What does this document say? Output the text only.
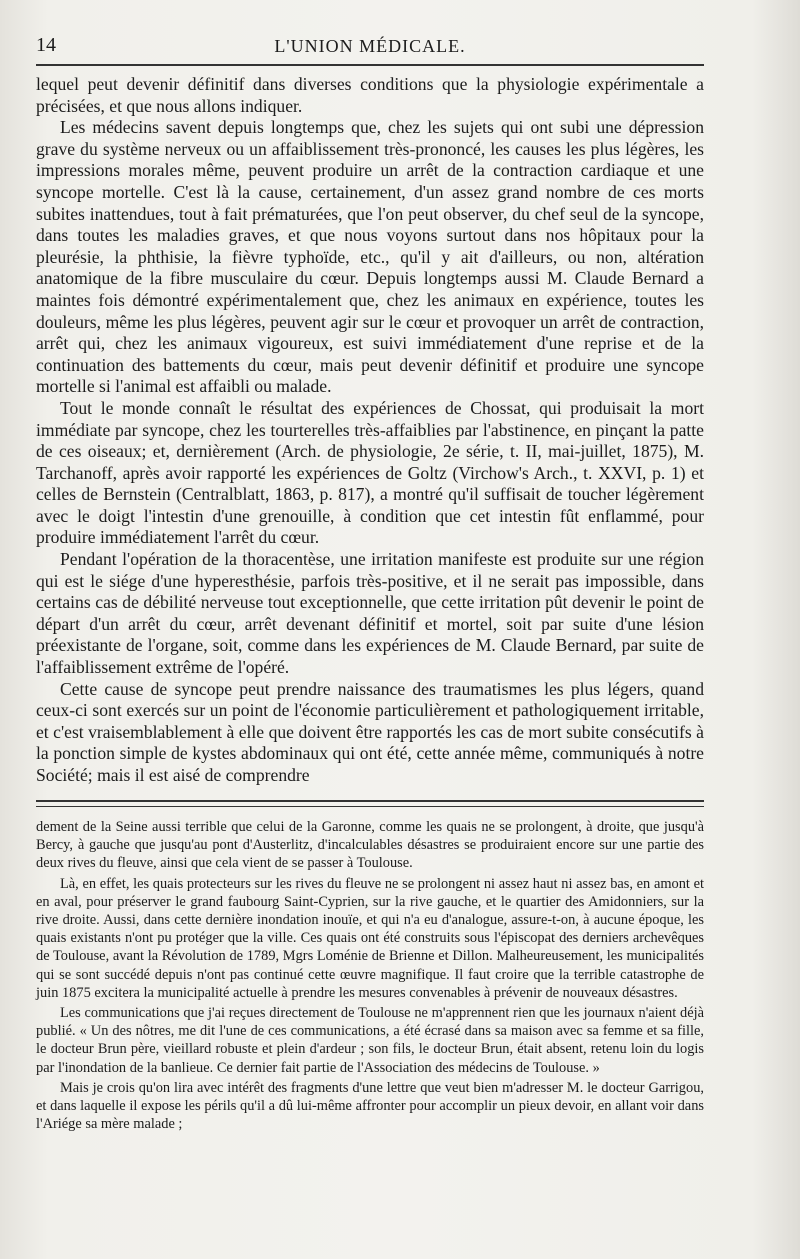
14	L'UNION MÉDICALE.

lequel peut devenir définitif dans diverses conditions que la physiologie expérimentale a précisées, et que nous allons indiquer.

Les médecins savent depuis longtemps que, chez les sujets qui ont subi une dépression grave du système nerveux ou un affaiblissement très-prononcé, les causes les plus légères, les impressions morales même, peuvent produire un arrêt de la contraction cardiaque et une syncope mortelle. C'est là la cause, certainement, d'un assez grand nombre de ces morts subites inattendues, tout à fait prématurées, que l'on peut observer, du chef seul de la syncope, dans toutes les maladies graves, et que nous voyons surtout dans nos hôpitaux pour la pleurésie, la phthisie, la fièvre typhoïde, etc., qu'il y ait d'ailleurs, ou non, altération anatomique de la fibre musculaire du cœur. Depuis longtemps aussi M. Claude Bernard a maintes fois démontré expérimentalement que, chez les animaux en expérience, toutes les douleurs, même les plus légères, peuvent agir sur le cœur et provoquer un arrêt de contraction, arrêt qui, chez les animaux vigoureux, est suivi immédiatement d'une reprise et de la continuation des battements du cœur, mais peut devenir définitif et produire une syncope mortelle si l'animal est affaibli ou malade.

Tout le monde connaît le résultat des expériences de Chossat, qui produisait la mort immédiate par syncope, chez les tourterelles très-affaiblies par l'abstinence, en pinçant la patte de ces oiseaux; et, dernièrement (Arch. de physiologie, 2e série, t. II, mai-juillet, 1875), M. Tarchanoff, après avoir rapporté les expériences de Goltz (Virchow's Arch., t. XXVI, p. 1) et celles de Bernstein (Centralblatt, 1863, p. 817), a montré qu'il suffisait de toucher légèrement avec le doigt l'intestin d'une grenouille, à condition que cet intestin fût enflammé, pour produire immédiatement l'arrêt du cœur.

Pendant l'opération de la thoracentèse, une irritation manifeste est produite sur une région qui est le siége d'une hyperesthésie, parfois très-positive, et il ne serait pas impossible, dans certains cas de débilité nerveuse tout exceptionnelle, que cette irritation pût devenir le point de départ d'un arrêt du cœur, arrêt devenant définitif et mortel, soit par suite d'une lésion préexistante de l'organe, soit, comme dans les expériences de M. Claude Bernard, par suite de l'affaiblissement extrême de l'opéré.

Cette cause de syncope peut prendre naissance des traumatismes les plus légers, quand ceux-ci sont exercés sur un point de l'économie particulièrement et pathologiquement irritable, et c'est vraisemblablement à elle que doivent être rapportés les cas de mort subite consécutifs à la ponction simple de kystes abdominaux qui ont été, cette année même, communiqués à notre Société; mais il est aisé de comprendre

dement de la Seine aussi terrible que celui de la Garonne, comme les quais ne se prolongent, à droite, que jusqu'à Bercy, à gauche que jusqu'au pont d'Austerlitz, d'incalculables désastres se produiraient encore sur une partie des deux rives du fleuve, ainsi que cela vient de se passer à Toulouse.

Là, en effet, les quais protecteurs sur les rives du fleuve ne se prolongent ni assez haut ni assez bas, en amont et en aval, pour préserver le grand faubourg Saint-Cyprien, sur la rive gauche, et le quartier des Amidonniers, sur la rive droite. Aussi, dans cette dernière inondation inouïe, et qui n'a eu d'analogue, assure-t-on, à aucune époque, les quais existants n'ont pu protéger que la ville. Ces quais ont été construits sous l'épiscopat des derniers archevêques de Toulouse, avant la Révolution de 1789, Mgrs Loménie de Brienne et Dillon. Malheureusement, les municipalités qui se sont succédé depuis n'ont pas continué cette œuvre magnifique. Il faut croire que la terrible catastrophe de juin 1875 excitera la municipalité actuelle à prendre les mesures convenables à prévenir de nouveaux désastres.

Les communications que j'ai reçues directement de Toulouse ne m'apprennent rien que les journaux n'aient déjà publié. « Un des nôtres, me dit l'une de ces communications, a été écrasé dans sa maison avec sa femme et sa fille, le docteur Brun père, vieillard robuste et plein d'ardeur ; son fils, le docteur Brun, était absent, retenu loin du logis par l'inondation de la banlieue. Ce dernier fait partie de l'Association des médecins de Toulouse. »

Mais je crois qu'on lira avec intérêt des fragments d'une lettre que veut bien m'adresser M. le docteur Garrigou, et dans laquelle il expose les périls qu'il a dû lui-même affronter pour accomplir un pieux devoir, en allant voir dans l'Ariége sa mère malade ;
